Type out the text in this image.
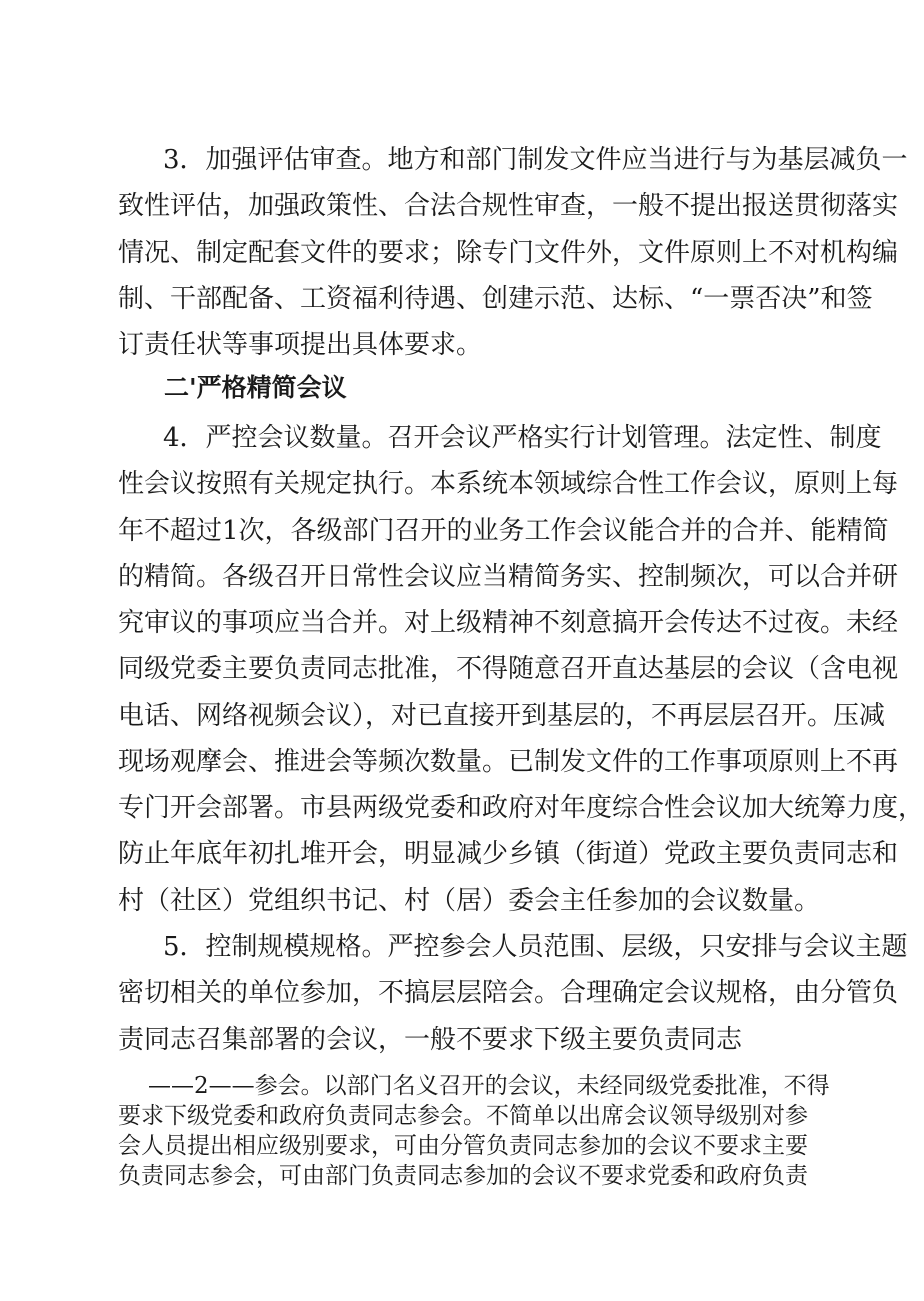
3．加强评估审查。地方和部门制发文件应当进行与为基层减负一
致性评估，加强政策性、合法合规性审查，一般不提出报送贯彻落实
情况、制定配套文件的要求；除专门文件外，文件原则上不对机构编
制、干部配备、工资福利待遇、创建示范、达标、“一票否决”和签
订责任状等事项提出具体要求。
二'严格精简会议
4．严控会议数量。召开会议严格实行计划管理。法定性、制度
性会议按照有关规定执行。本系统本领域综合性工作会议，原则上每
年不超过1次，各级部门召开的业务工作会议能合并的合并、能精简
的精简。各级召开日常性会议应当精简务实、控制频次，可以合并研
究审议的事项应当合并。对上级精神不刻意搞开会传达不过夜。未经
同级党委主要负责同志批准，不得随意召开直达基层的会议（含电视
电话、网络视频会议），对已直接开到基层的，不再层层召开。压减
现场观摩会、推进会等频次数量。已制发文件的工作事项原则上不再
专门开会部署。市县两级党委和政府对年度综合性会议加大统筹力度，
防止年底年初扎堆开会，明显减少乡镇（街道）党政主要负责同志和
村（社区）党组织书记、村（居）委会主任参加的会议数量。
5．控制规模规格。严控参会人员范围、层级，只安排与会议主题
密切相关的单位参加，不搞层层陪会。合理确定会议规格，由分管负
责同志召集部署的会议，一般不要求下级主要负责同志
——2——参会。以部门名义召开的会议，未经同级党委批准，不得
要求下级党委和政府负责同志参会。不简单以出席会议领导级别对参
会人员提出相应级别要求，可由分管负责同志参加的会议不要求主要
负责同志参会，可由部门负责同志参加的会议不要求党委和政府负责
